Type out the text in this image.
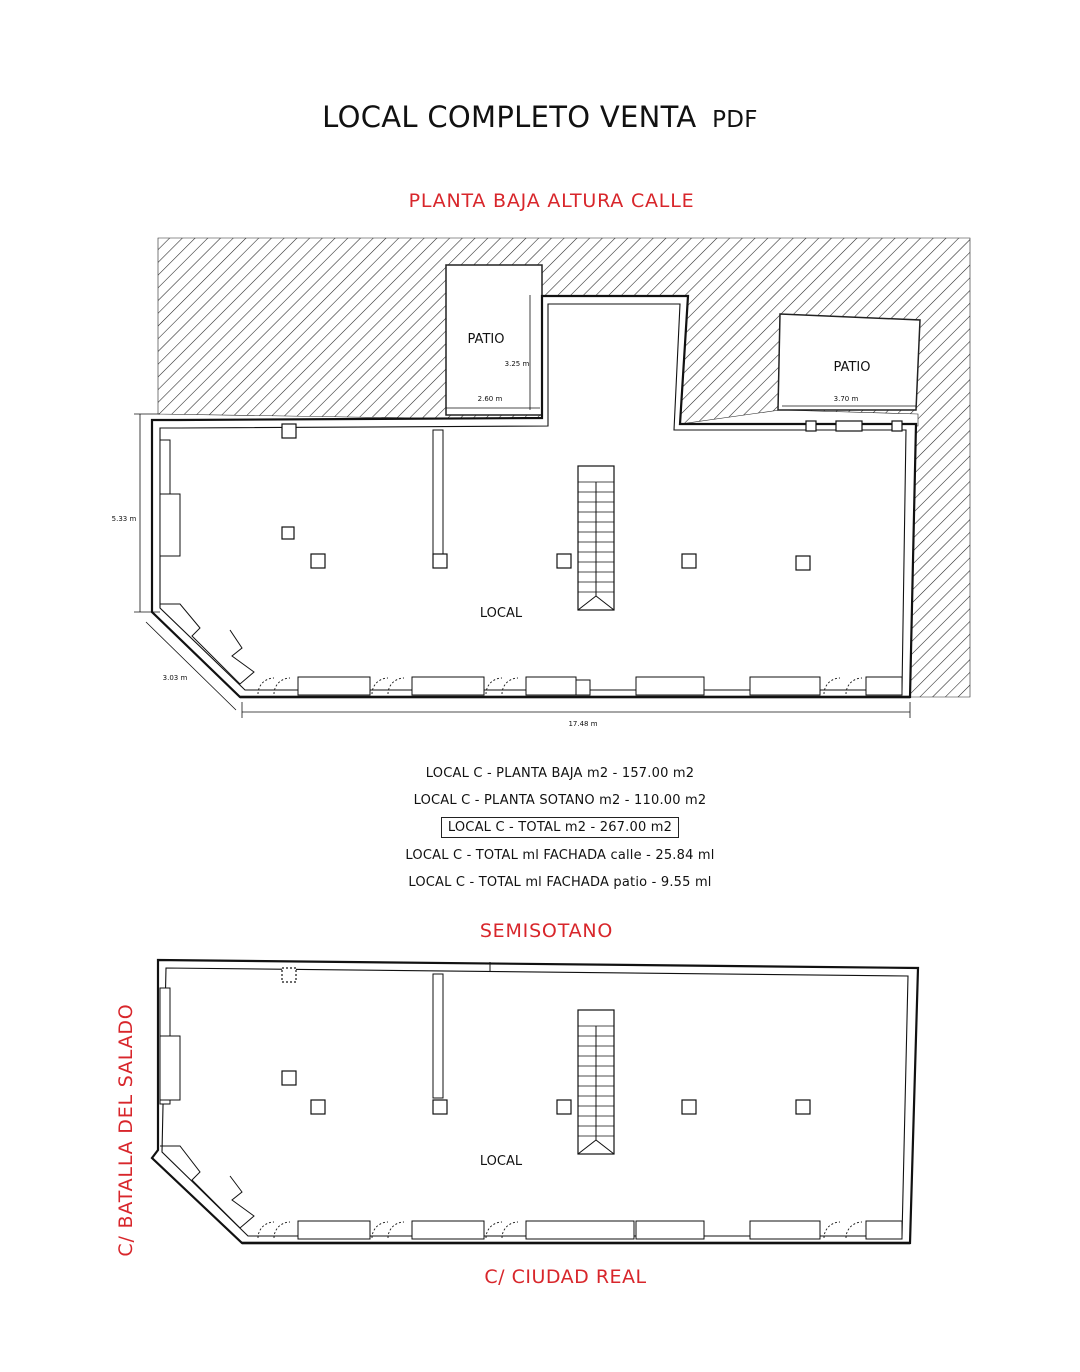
LOCAL COMPLETO VENTA PDF
PLANTA BAJA ALTURA CALLE
LOCAL C - PLANTA BAJA m2 - 157.00 m2
LOCAL C - PLANTA SOTANO m2 - 110.00 m2
LOCAL C - TOTAL m2 - 267.00 m2
LOCAL C - TOTAL ml FACHADA calle - 25.84 ml
LOCAL C - TOTAL ml FACHADA patio - 9.55 ml
SEMISOTANO
C/ BATALLA DEL SALADO
C/ CIUDAD REAL
PATIO
PATIO
3.25 m
2.60 m	3.70 m
5.33 m
3.03 m
17.48 m
LOCAL
LOCAL
